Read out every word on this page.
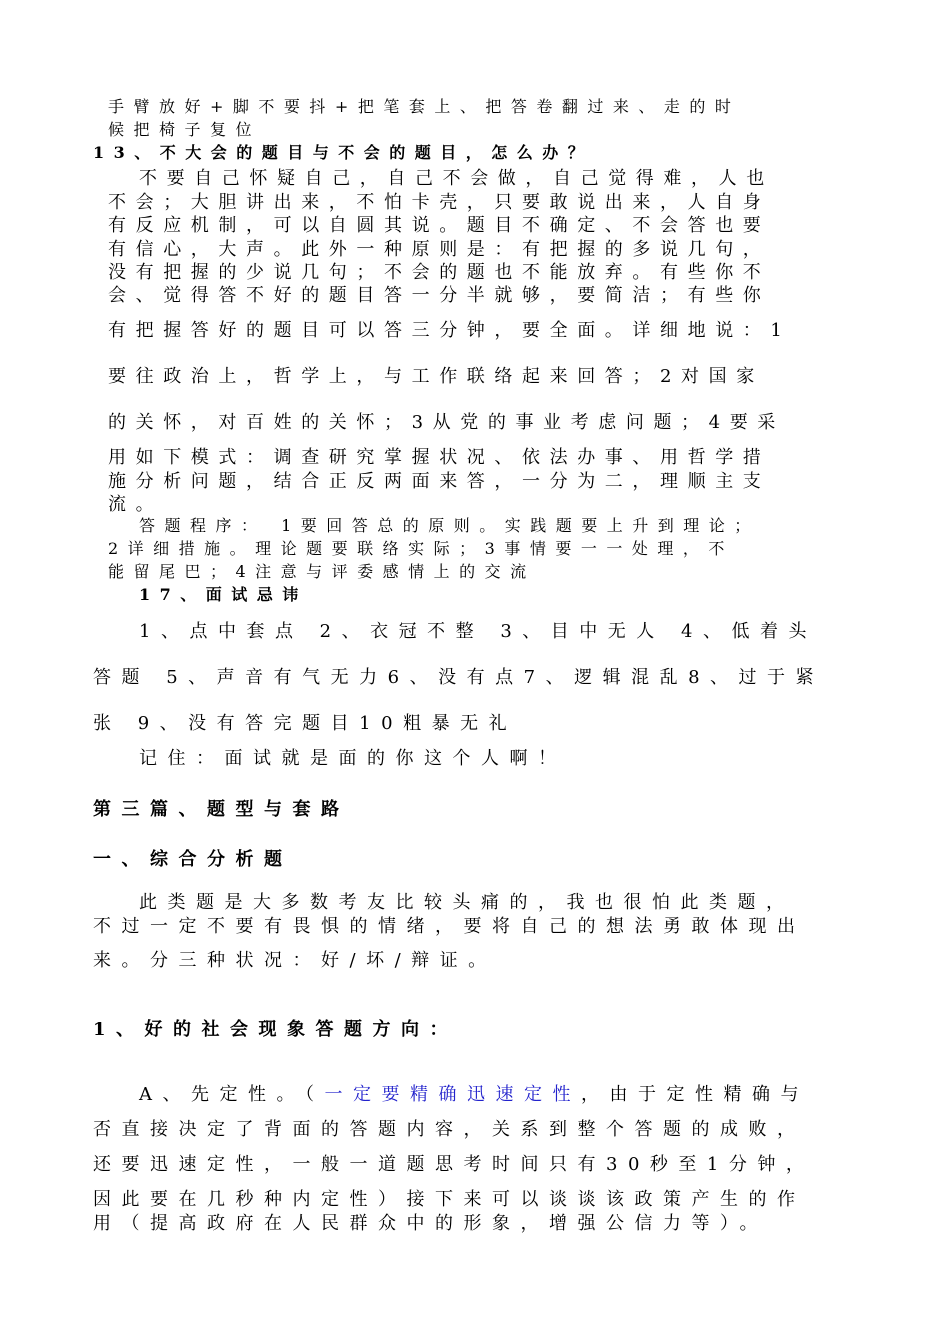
手臂放好+脚不要抖+把笔套上、把答卷翻过来、走的时
候把椅子复位
13、不大会的题目与不会的题目，怎么办？
不要自己怀疑自己，自己不会做，自己觉得难，人也
不会；大胆讲出来，不怕卡壳，只要敢说出来，人自身
有反应机制，可以自圆其说。题目不确定、不会答也要
有信心，大声。此外一种原则是：有把握的多说几句，
没有把握的少说几句；不会的题也不能放弃。有些你不
会、觉得答不好的题目答一分半就够，要简洁；有些你
有把握答好的题目可以答三分钟，要全面。详细地说：1
要往政治上，哲学上，与工作联络起来回答；2对国家
的关怀，对百姓的关怀；3从党的事业考虑问题；4要采
用如下模式：调查研究掌握状况、依法办事、用哲学措
施分析问题，结合正反两面来答，一分为二，理顺主支
流。
答题程序： 1要回答总的原则。实践题要上升到理论；
2详细措施。理论题要联络实际；3事情要一一处理，不
能留尾巴；4注意与评委感情上的交流
17、面试忌讳
1、点中套点 2、衣冠不整 3、目中无人 4、低着头
答题 5、声音有气无力6、没有点7、逻辑混乱8、过于紧
张 9、没有答完题目10粗暴无礼
记住：面试就是面的你这个人啊！
第三篇、题型与套路
一、综合分析题
此类题是大多数考友比较头痛的，我也很怕此类题，
不过一定不要有畏惧的情绪，要将自己的想法勇敢体现出
来。分三种状况：好/坏/辩证。
1、好的社会现象答题方向：
A、先定性。（一定要精确迅速定性，由于定性精确与
否直接决定了背面的答题内容，关系到整个答题的成败，
还要迅速定性，一般一道题思考时间只有30秒至1分钟，
因此要在几秒种内定性）接下来可以谈谈该政策产生的作
用（提高政府在人民群众中的形象，增强公信力等）。
